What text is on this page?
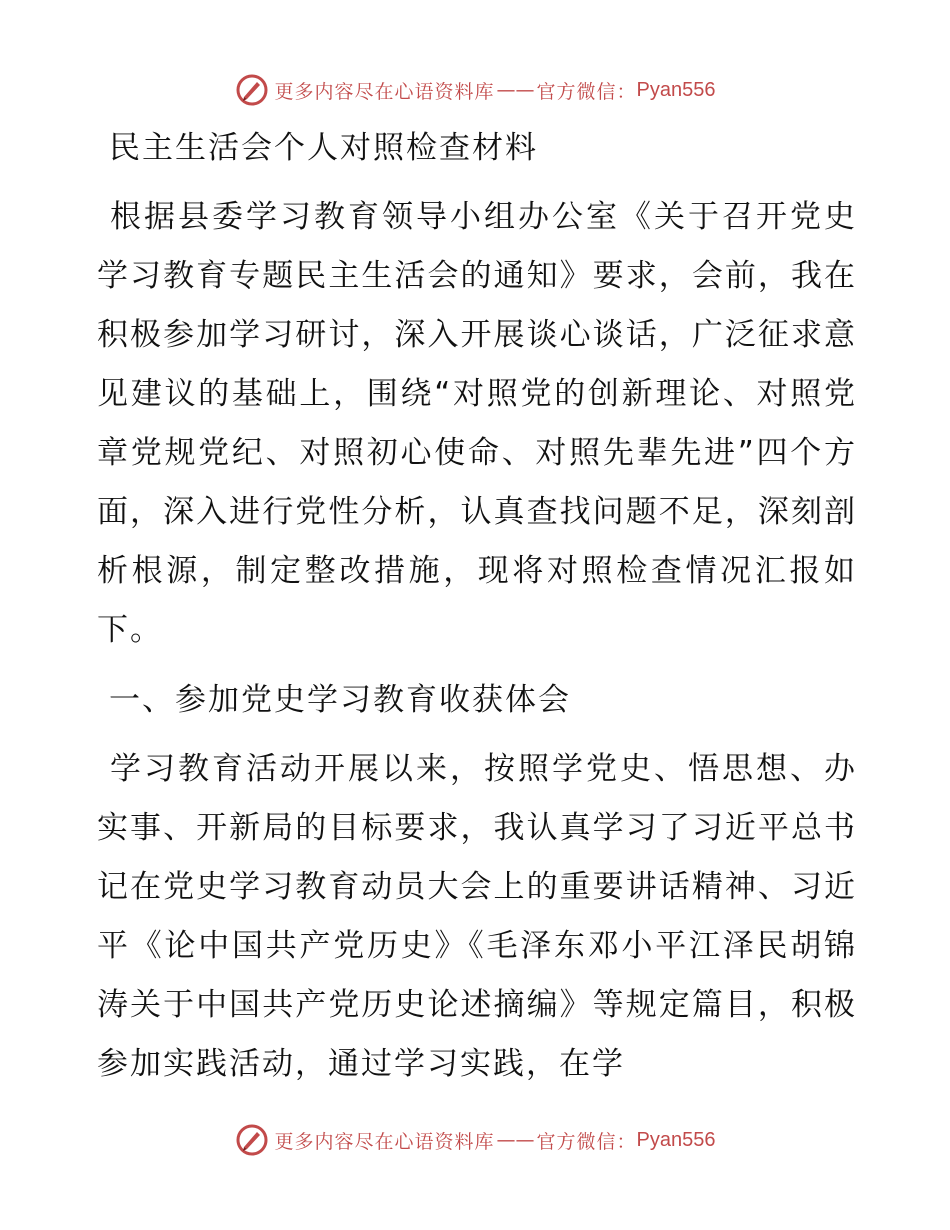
更多内容尽在心语资料库 —— 官方微信： Pyan556
民主生活会个人对照检查材料

根据县委学习教育领导小组办公室《关于召开党史学习教育专题民主生活会的通知》要求，会前，我在积极参加学习研讨，深入开展谈心谈话，广泛征求意见建议的基础上，围绕“对照党的创新理论、对照党章党规党纪、对照初心使命、对照先辈先进”四个方面，深入进行党性分析，认真查找问题不足，深刻剖析根源，制定整改措施，现将对照检查情况汇报如下。

一、参加党史学习教育收获体会

学习教育活动开展以来，按照学党史、悟思想、办实事、开新局的目标要求，我认真学习了习近平总书记在党史学习教育动员大会上的重要讲话精神、习近平《论中国共产党历史》《毛泽东邓小平江泽民胡锦涛关于中国共产党历史论述摘编》等规定篇目，积极参加实践活动，通过学习实践，在学

更多内容尽在心语资料库 —— 官方微信： Pyan556
